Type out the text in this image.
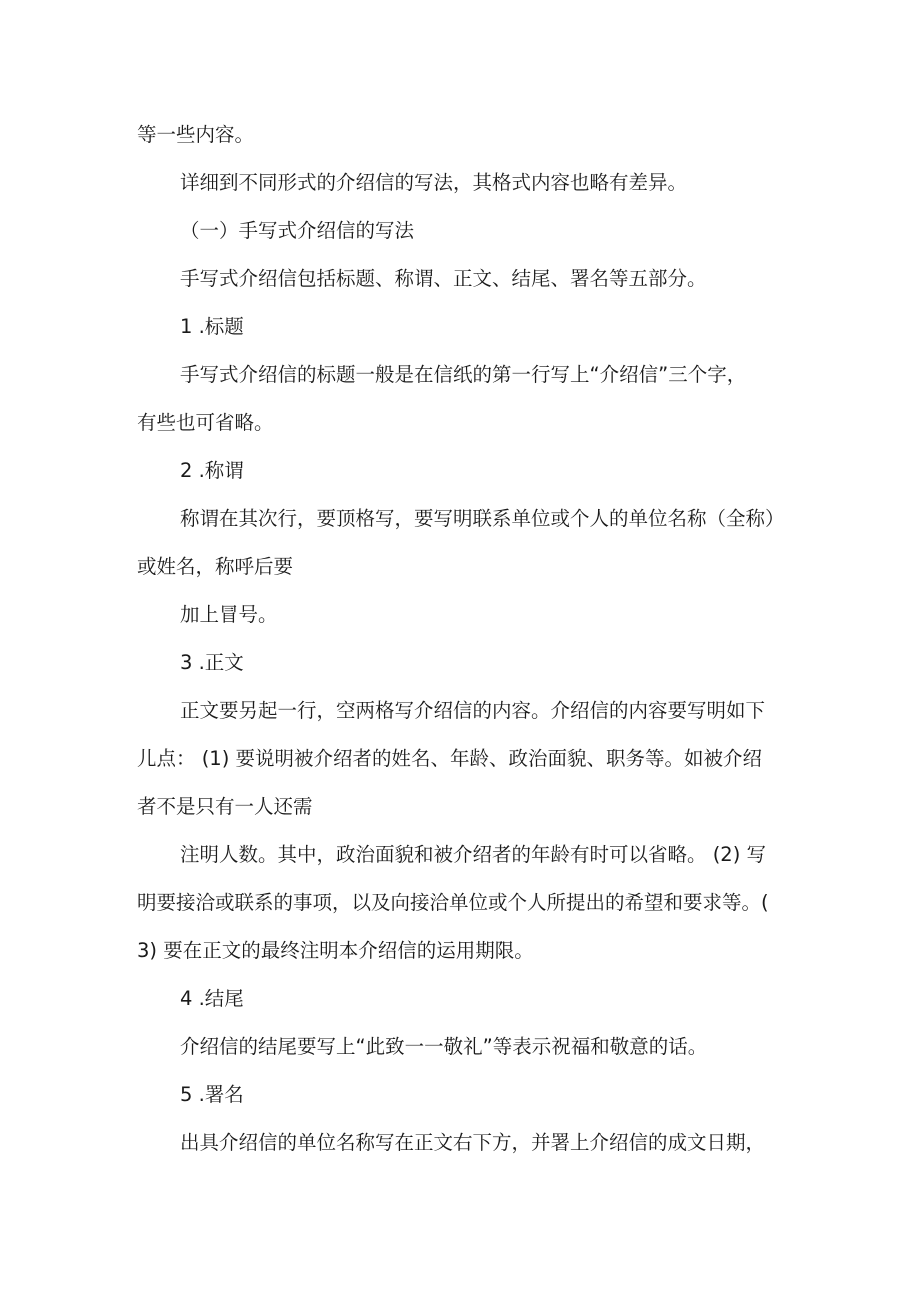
等一些内容。

详细到不同形式的介绍信的写法，其格式内容也略有差异。

（一）手写式介绍信的写法

手写式介绍信包括标题、称谓、正文、结尾、署名等五部分。

1 .标题

手写式介绍信的标题一般是在信纸的第一行写上“介绍信”三个字，

有些也可省略。

2 .称谓

称谓在其次行，要顶格写，要写明联系单位或个人的单位名称（全称）

或姓名，称呼后要

加上冒号。

3 .正文

正文要另起一行，空两格写介绍信的内容。介绍信的内容要写明如下

儿点： (1) 要说明被介绍者的姓名、年龄、政治面貌、职务等。如被介绍

者不是只有一人还需

注明人数。其中，政治面貌和被介绍者的年龄有时可以省略。 (2) 写

明要接洽或联系的事项，以及向接洽单位或个人所提出的希望和要求等。(

3) 要在正文的最终注明本介绍信的运用期限。

4 .结尾

介绍信的结尾要写上“此致一一敬礼”等表示祝福和敬意的话。

5 .署名

出具介绍信的单位名称写在正文右下方，并署上介绍信的成文日期，
